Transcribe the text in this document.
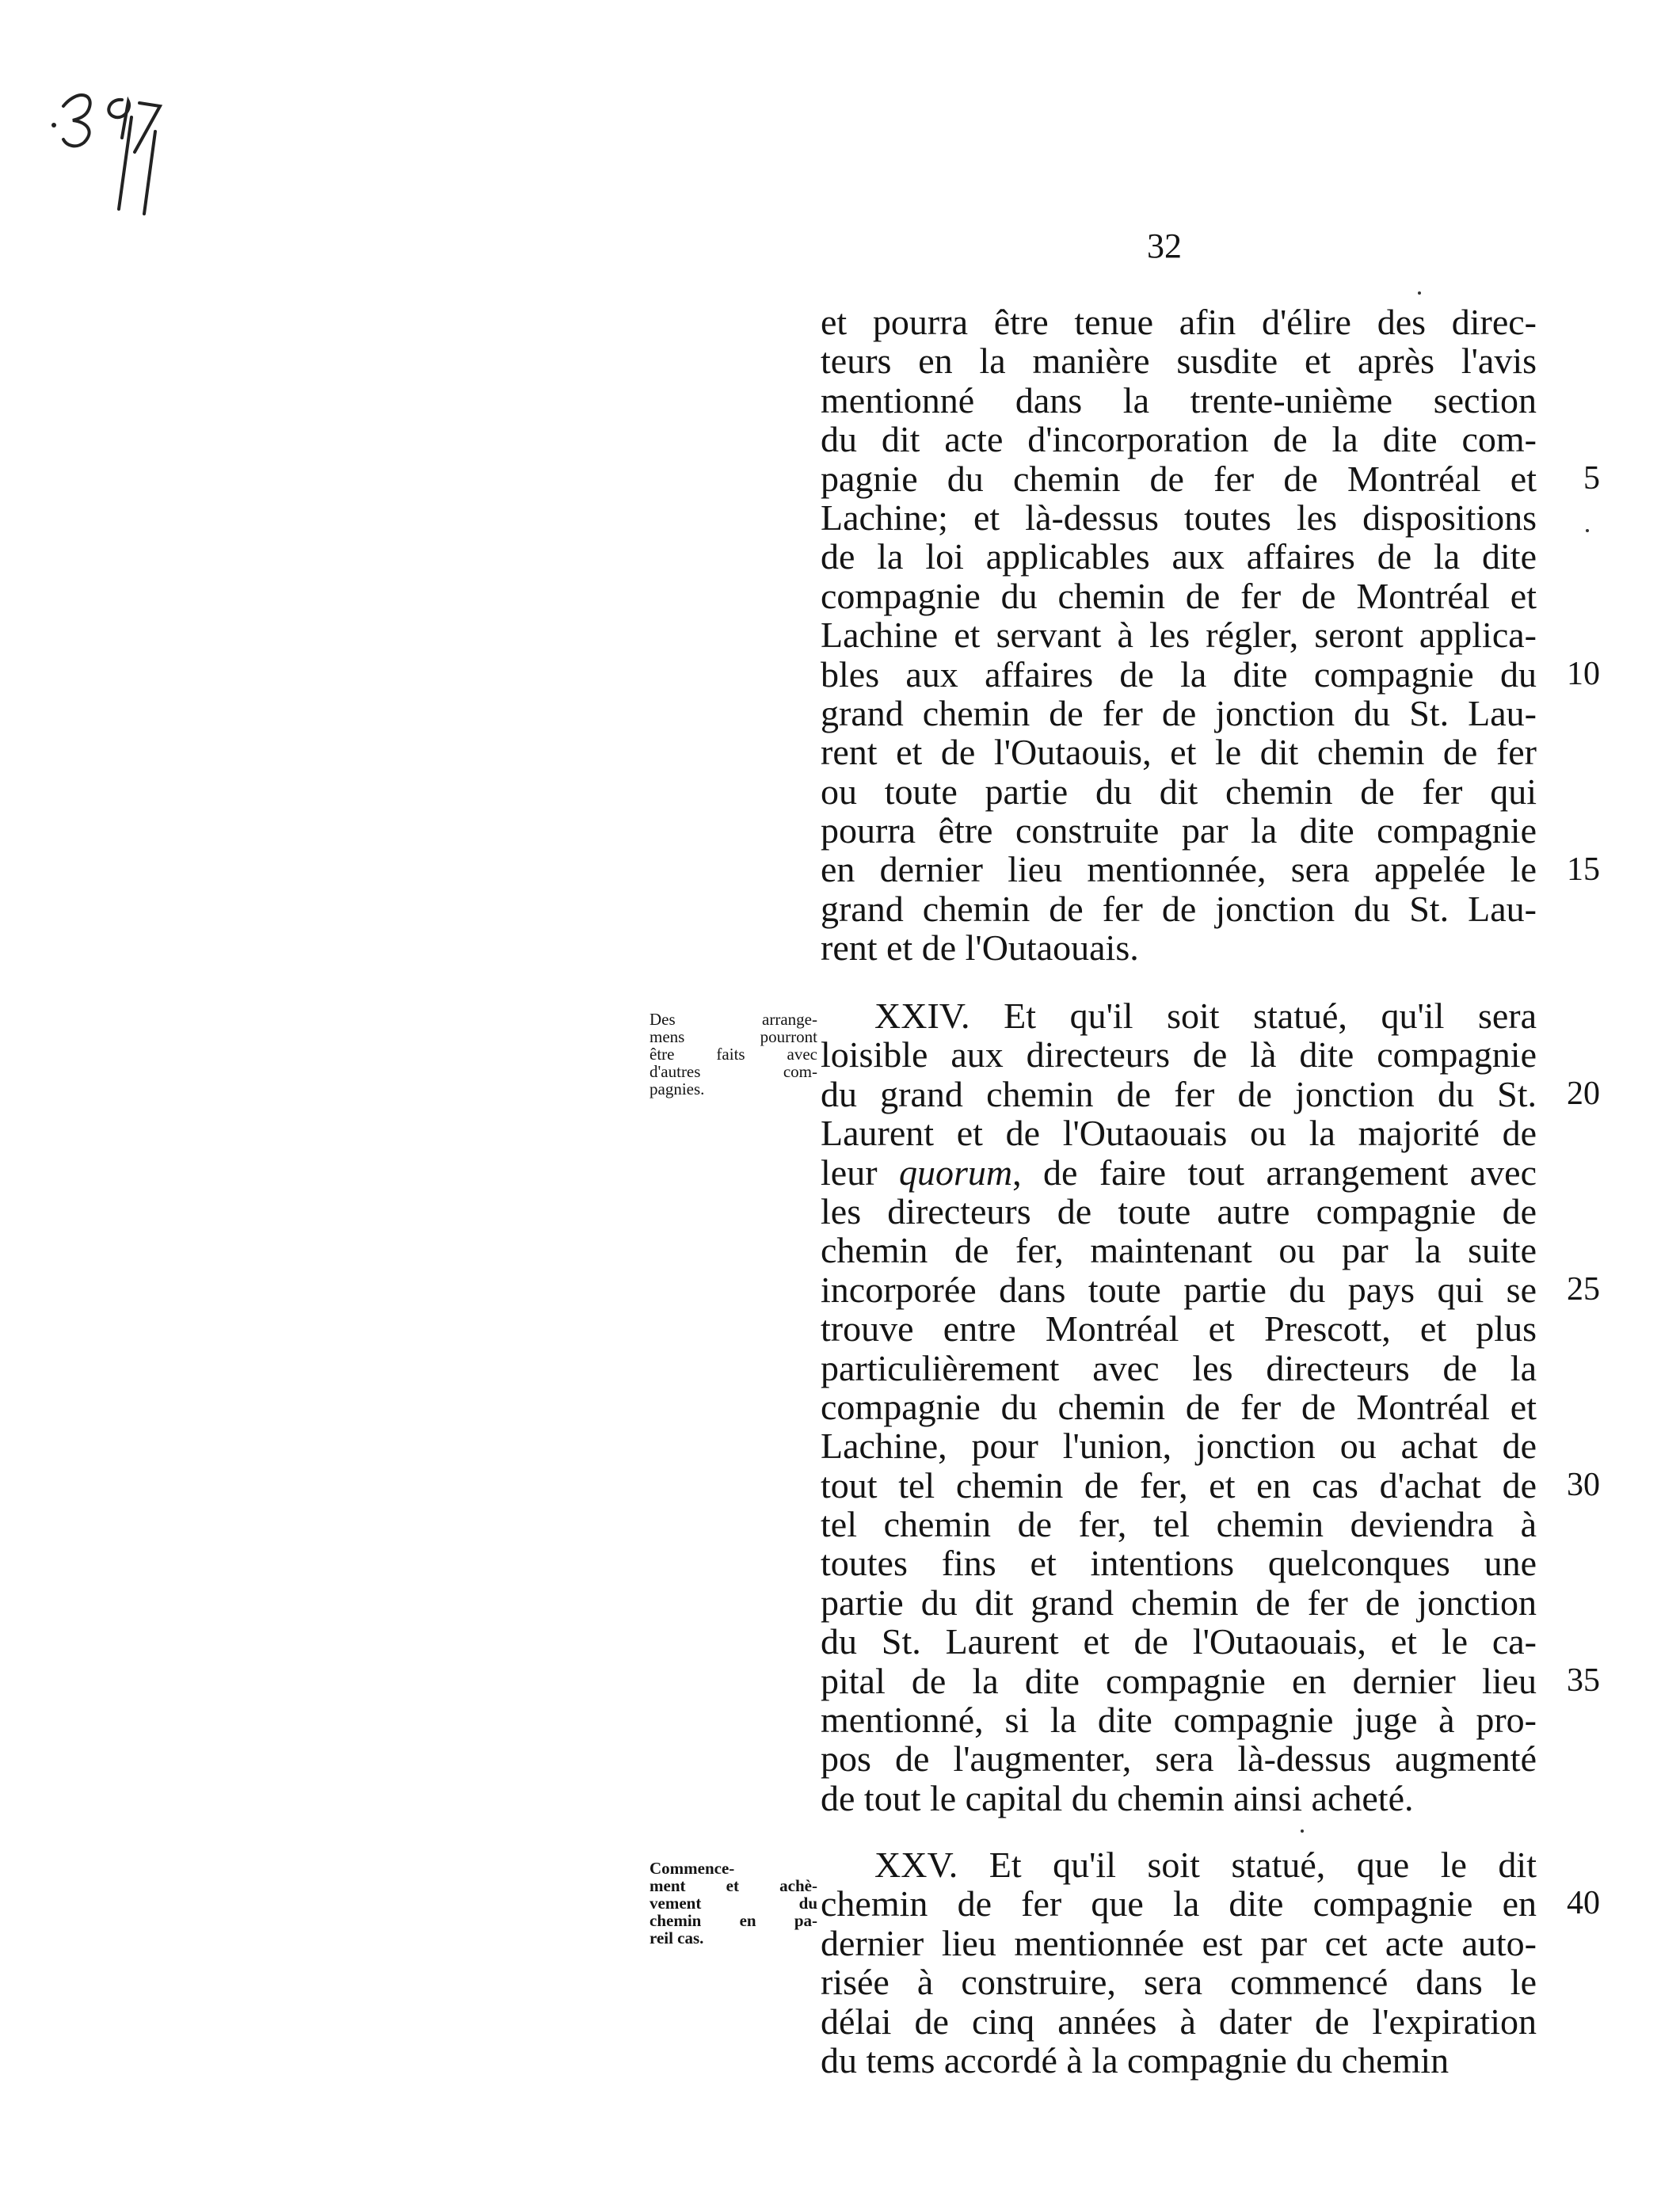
32
et pourra être tenue afin d'élire des direc-
teurs en la manière susdite et après l'avis
mentionné dans la trente-unième section
du dit acte d'incorporation de la dite com-
pagnie du chemin de fer de Montréal et
Lachine; et là-dessus toutes les dispositions
de la loi applicables aux affaires de la dite
compagnie du chemin de fer de Montréal et
Lachine et servant à les régler, seront applica-
bles aux affaires de la dite compagnie du
grand chemin de fer de jonction du St. Lau-
rent et de l'Outaouis, et le dit chemin de fer
ou toute partie du dit chemin de fer qui
pourra être construite par la dite compagnie
en dernier lieu mentionnée, sera appelée le
grand chemin de fer de jonction du St. Lau-
rent et de l'Outaouais.
Des arrange-
mens pourront
être faits avec
d'autres com-
pagnies.
XXIV. Et qu'il soit statué, qu'il sera
loisible aux directeurs de là dite compagnie
du grand chemin de fer de jonction du St.
Laurent et de l'Outaouais ou la majorité de
leur quorum, de faire tout arrangement avec
les directeurs de toute autre compagnie de
chemin de fer, maintenant ou par la suite
incorporée dans toute partie du pays qui se
trouve entre Montréal et Prescott, et plus
particulièrement avec les directeurs de la
compagnie du chemin de fer de Montréal et
Lachine, pour l'union, jonction ou achat de
tout tel chemin de fer, et en cas d'achat de
tel chemin de fer, tel chemin deviendra à
toutes fins et intentions quelconques une
partie du dit grand chemin de fer de jonction
du St. Laurent et de l'Outaouais, et le ca-
pital de la dite compagnie en dernier lieu
mentionné, si la dite compagnie juge à pro-
pos de l'augmenter, sera là-dessus augmenté
de tout le capital du chemin ainsi acheté.
Commence-
ment et achè-
vement du
chemin en pa-
reil cas.
XXV. Et qu'il soit statué, que le dit
chemin de fer que la dite compagnie en
dernier lieu mentionnée est par cet acte auto-
risée à construire, sera commencé dans le
délai de cinq années à dater de l'expiration
du tems accordé à la compagnie du chemin
5
10
15
20
25
30
35
40
